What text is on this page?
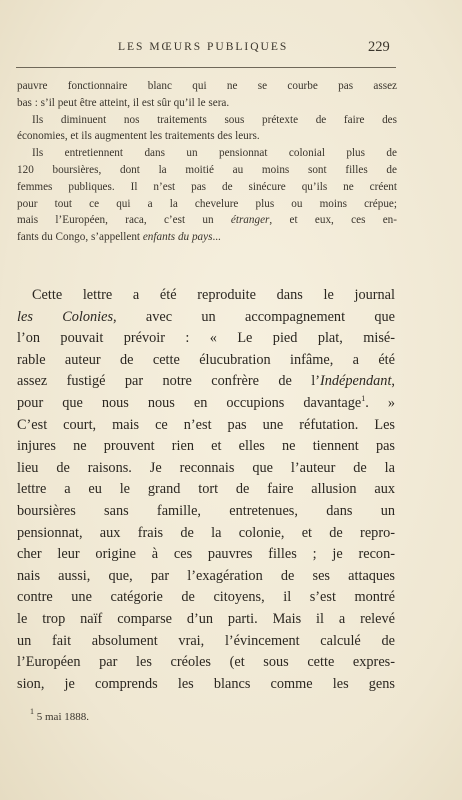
LES MŒURS PUBLIQUES	229
pauvre fonctionnaire blanc qui ne se courbe pas assez
bas : s’il peut être atteint, il est sûr qu’il le sera.
Ils diminuent nos traitements sous prétexte de faire des
économies, et ils augmentent les traitements des leurs.
Ils entretiennent dans un pensionnat colonial plus de
120 boursières, dont la moitié au moins sont filles de
femmes publiques. Il n’est pas de sinécure qu’ils ne créent
pour tout ce qui a la chevelure plus ou moins crépue;
mais l’Européen, raca, c’est un étranger, et eux, ces en-
fants du Congo, s’appellent enfants du pays...
Cette lettre a été reproduite dans le journal
les Colonies, avec un accompagnement que
l’on pouvait prévoir : « Le pied plat, misé-
rable auteur de cette élucubration infâme, a été
assez fustigé par notre confrère de l’Indépendant,
pour que nous nous en occupions davantage$^1$. »
C’est court, mais ce n’est pas une réfutation. Les
injures ne prouvent rien et elles ne tiennent pas
lieu de raisons. Je reconnais que l’auteur de la
lettre a eu le grand tort de faire allusion aux
boursières sans famille, entretenues, dans un
pensionnat, aux frais de la colonie, et de repro-
cher leur origine à ces pauvres filles ; je recon-
nais aussi, que, par l’exagération de ses attaques
contre une catégorie de citoyens, il s’est montré
le trop naïf comparse d’un parti. Mais il a relevé
un fait absolument vrai, l’évincement calculé de
l’Européen par les créoles (et sous cette expres-
sion, je comprends les blancs comme les gens
$^1$ 5 mai 1888.
